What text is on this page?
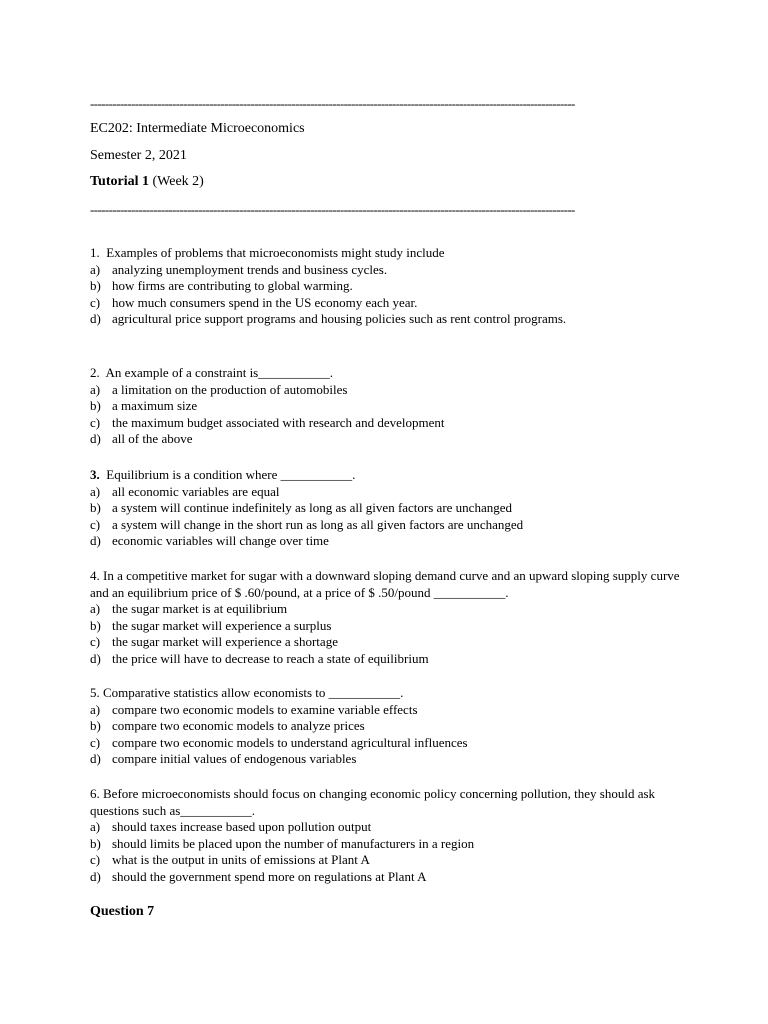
----------------------------------------------------------------------------------------------------------------------------------
EC202: Intermediate Microeconomics
Semester 2, 2021
Tutorial 1 (Week 2)
----------------------------------------------------------------------------------------------------------------------------------

1.  Examples of problems that microeconomists might study include

a) analyzing unemployment trends and business cycles.
b) how firms are contributing to global warming.
c) how much consumers spend in the US economy each year.
d) agricultural price support programs and housing policies such as rent control programs.

2.  An example of a constraint is___________.

a) a limitation on the production of automobiles
b) a maximum size
c) the maximum budget associated with research and development
d) all of the above

3.  Equilibrium is a condition where ___________.

a) all economic variables are equal
b) a system will continue indefinitely as long as all given factors are unchanged
c) a system will change in the short run as long as all given factors are unchanged
d) economic variables will change over time

4. In a competitive market for sugar with a downward sloping demand curve and an upward sloping supply curve and an equilibrium price of $ .60/pound, at a price of $ .50/pound ___________.

a) the sugar market is at equilibrium
b) the sugar market will experience a surplus
c) the sugar market will experience a shortage
d) the price will have to decrease to reach a state of equilibrium

5. Comparative statistics allow economists to ___________.

a) compare two economic models to examine variable effects
b) compare two economic models to analyze prices
c) compare two economic models to understand agricultural influences
d) compare initial values of endogenous variables

6. Before microeconomists should focus on changing economic policy concerning pollution, they should ask questions such as___________.

a) should taxes increase based upon pollution output
b) should limits be placed upon the number of manufacturers in a region
c) what is the output in units of emissions at Plant A
d) should the government spend more on regulations at Plant A
Question 7
